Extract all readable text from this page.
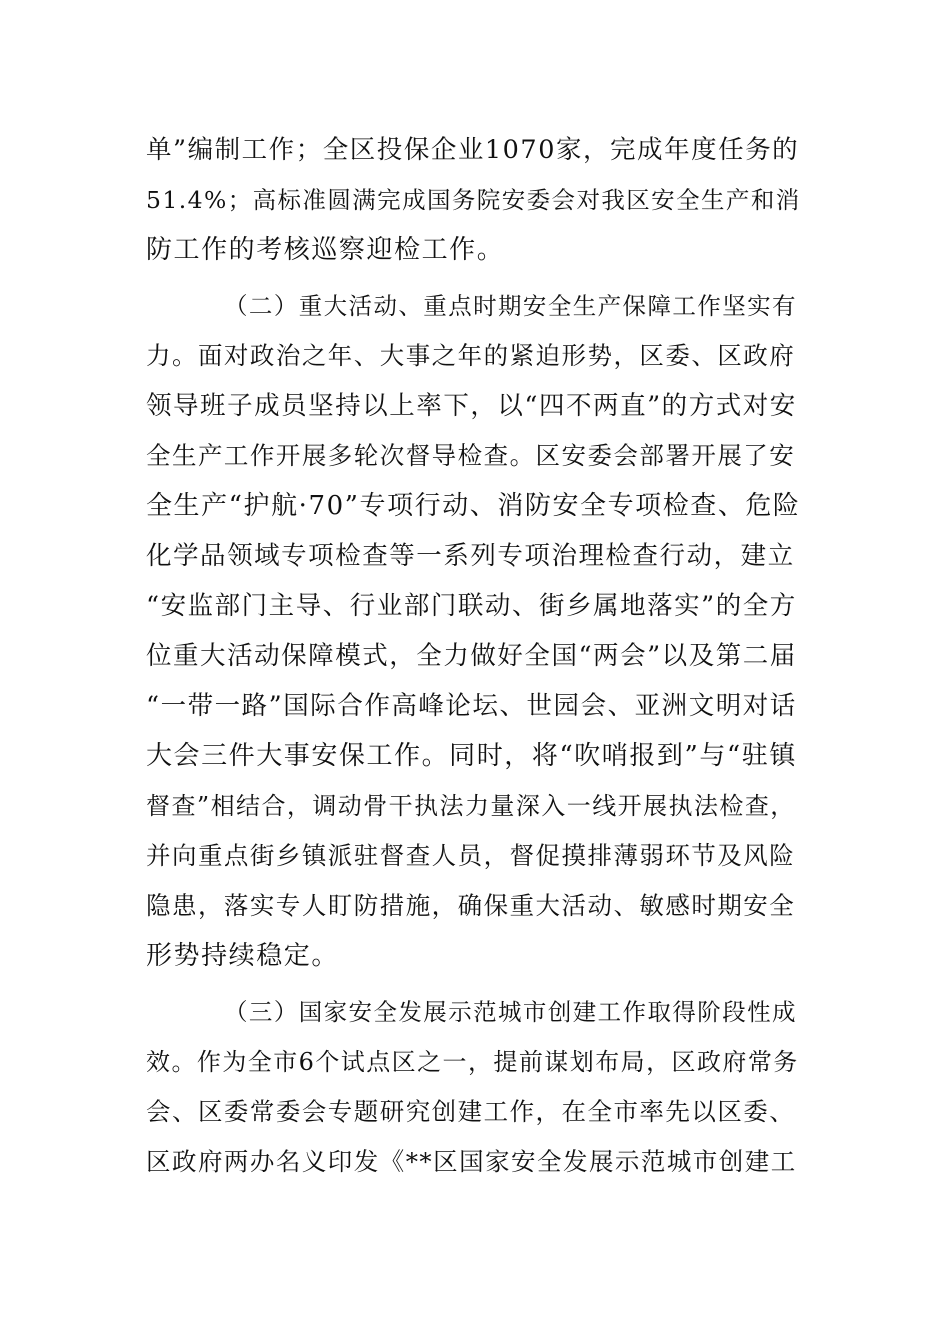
单”编制工作；全区投保企业1070家，完成年度任务的
51.4%；高标准圆满完成国务院安委会对我区安全生产和消
防工作的考核巡察迎检工作。
（二）重大活动、重点时期安全生产保障工作坚实有
力。面对政治之年、大事之年的紧迫形势，区委、区政府
领导班子成员坚持以上率下，以“四不两直”的方式对安
全生产工作开展多轮次督导检查。区安委会部署开展了安
全生产“护航·70”专项行动、消防安全专项检查、危险
化学品领域专项检查等一系列专项治理检查行动，建立
“安监部门主导、行业部门联动、街乡属地落实”的全方
位重大活动保障模式，全力做好全国“两会”以及第二届
“一带一路”国际合作高峰论坛、世园会、亚洲文明对话
大会三件大事安保工作。同时，将“吹哨报到”与“驻镇
督查”相结合，调动骨干执法力量深入一线开展执法检查，
并向重点街乡镇派驻督查人员，督促摸排薄弱环节及风险
隐患，落实专人盯防措施，确保重大活动、敏感时期安全
形势持续稳定。
（三）国家安全发展示范城市创建工作取得阶段性成
效。作为全市6个试点区之一，提前谋划布局，区政府常务
会、区委常委会专题研究创建工作，在全市率先以区委、
区政府两办名义印发《**区国家安全发展示范城市创建工
